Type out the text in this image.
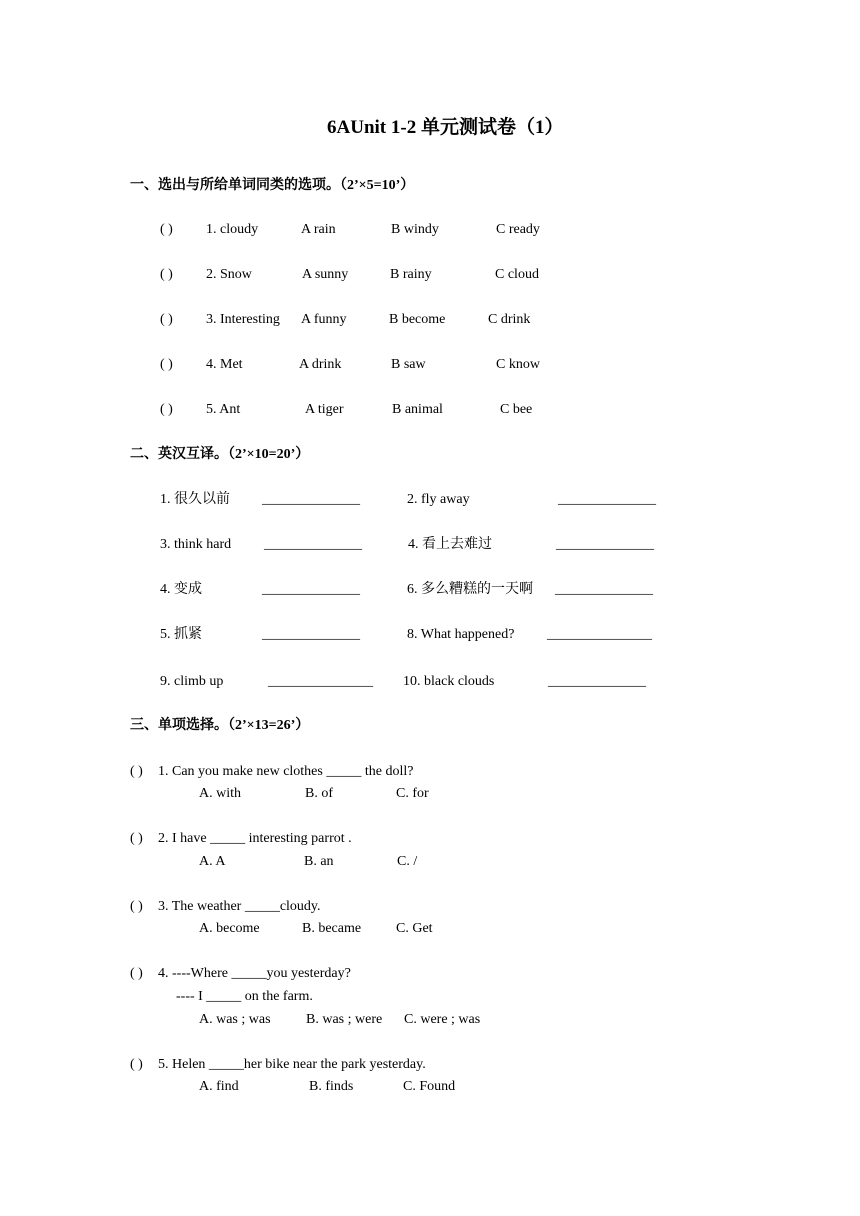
6AUnit 1-2 单元测试卷（1）
一、选出与所给单词同类的选项。（2’×5=10’）
( ) 1. cloudy	A rain	B windy	C ready
( ) 2. Snow	A sunny	B rainy	C cloud
( ) 3. Interesting A funny	B become	C drink
( ) 4. Met	A drink	B saw	C know
( ) 5. Ant	A tiger	B animal	C bee
二、英汉互译。（2’×10=20’）
1. 很久以前 ______________	2. fly away	______________
3. think hard ______________	4. 看上去难过	______________
4. 变成	______________	6. 多么糟糕的一天啊 ______________
5. 抓紧	______________	8. What happened? _______________
9. climb up	_______________ 10. black clouds	______________
三、单项选择。（2’×13=26’）
( ) 1. Can you make new clothes _____ the doll?
A. with	B. of	C. for
( ) 2. I have _____ interesting parrot .
A. A	B. an	C. /
( ) 3. The weather _____cloudy.
A. become	B. became C. Get
( ) 4. ----Where _____you yesterday?
---- I _____ on the farm.
A. was ; was	B. was ; were C. were ; was
( ) 5. Helen _____her bike near the park yesterday.
A. find	B. finds	C. Found
